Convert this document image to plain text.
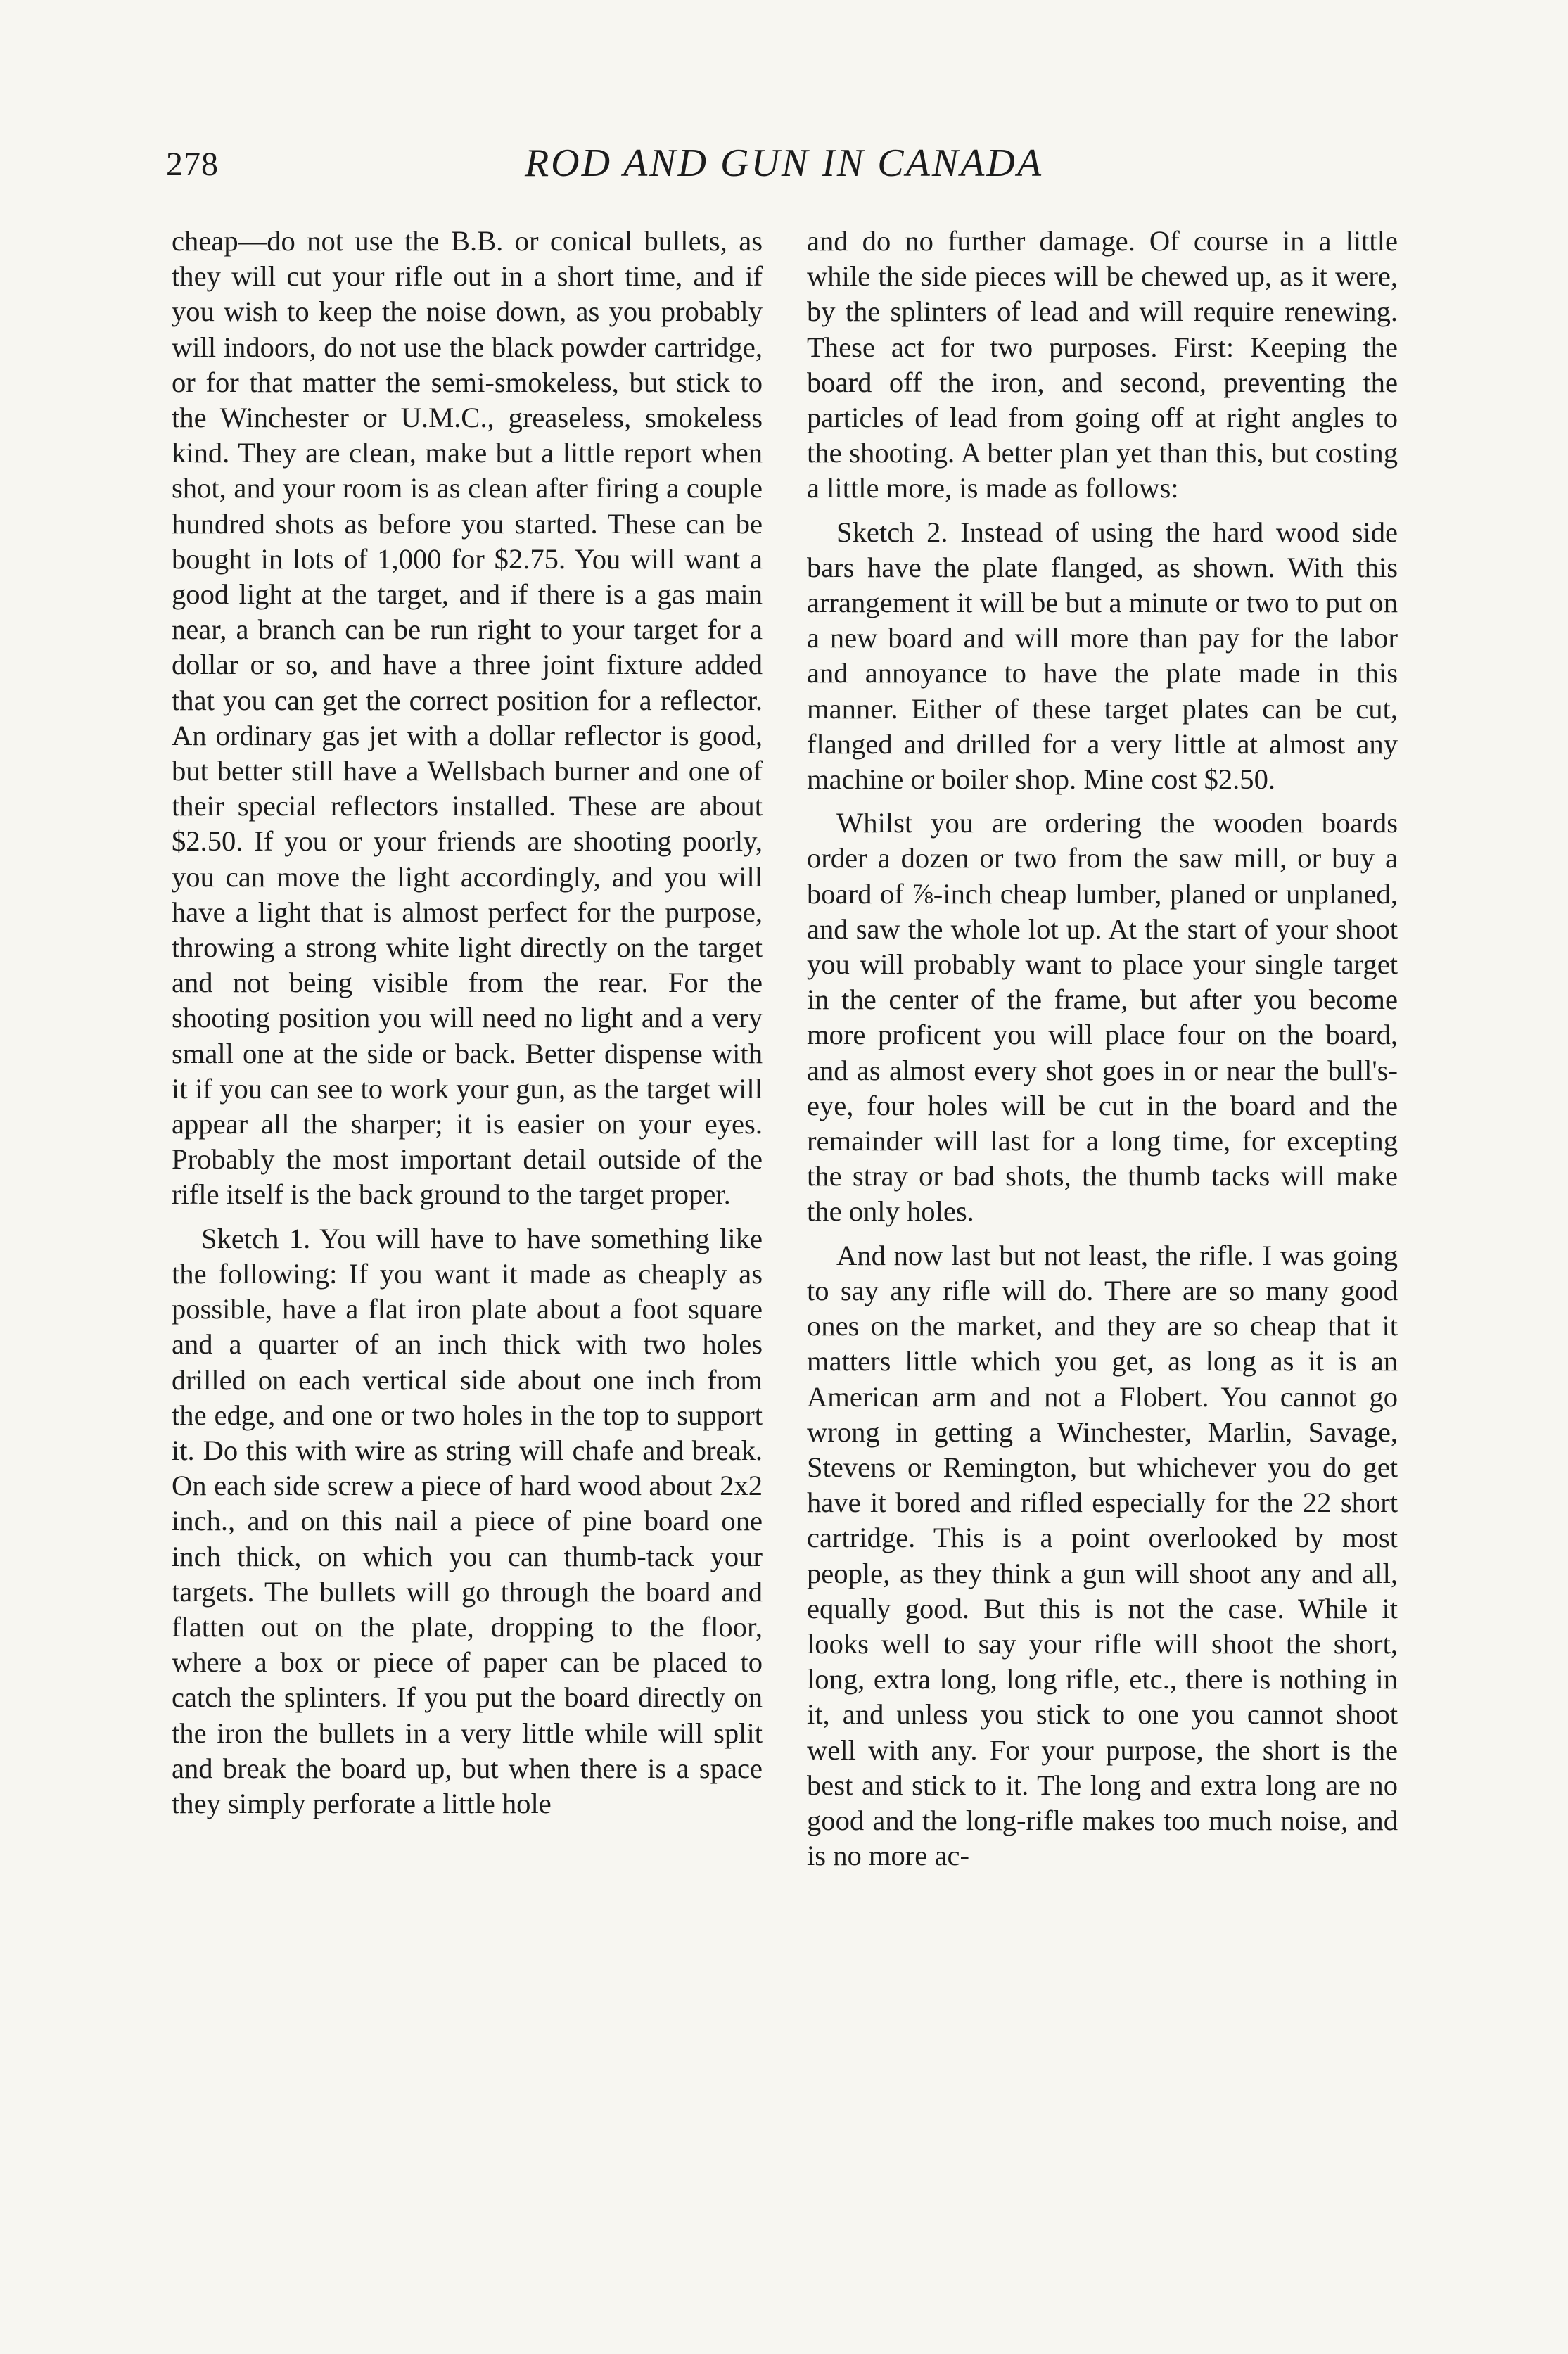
278	ROD AND GUN IN CANADA

cheap—do not use the B.B. or conical bullets, as they will cut your rifle out in a short time, and if you wish to keep the noise down, as you probably will indoors, do not use the black powder cartridge, or for that matter the semi-smokeless, but stick to the Winchester or U.M.C., greaseless, smokeless kind. They are clean, make but a little report when shot, and your room is as clean after firing a couple hundred shots as before you started. These can be bought in lots of 1,000 for $2.75. You will want a good light at the target, and if there is a gas main near, a branch can be run right to your target for a dollar or so, and have a three joint fixture added that you can get the correct position for a reflector. An ordinary gas jet with a dollar reflector is good, but better still have a Wellsbach burner and one of their special reflectors installed. These are about $2.50. If you or your friends are shooting poorly, you can move the light accordingly, and you will have a light that is almost perfect for the purpose, throwing a strong white light directly on the target and not being visible from the rear. For the shooting position you will need no light and a very small one at the side or back. Better dispense with it if you can see to work your gun, as the target will appear all the sharper; it is easier on your eyes. Probably the most important detail outside of the rifle itself is the back ground to the target proper.

Sketch 1. You will have to have something like the following: If you want it made as cheaply as possible, have a flat iron plate about a foot square and a quarter of an inch thick with two holes drilled on each vertical side about one inch from the edge, and one or two holes in the top to support it. Do this with wire as string will chafe and break. On each side screw a piece of hard wood about 2x2 inch., and on this nail a piece of pine board one inch thick, on which you can thumb-tack your targets. The bullets will go through the board and flatten out on the plate, dropping to the floor, where a box or piece of paper can be placed to catch the splinters. If you put the board directly on the iron the bullets in a very little while will split and break the board up, but when there is a space they simply perforate a little hole

and do no further damage. Of course in a little while the side pieces will be chewed up, as it were, by the splinters of lead and will require renewing. These act for two purposes. First: Keeping the board off the iron, and second, preventing the particles of lead from going off at right angles to the shooting. A better plan yet than this, but costing a little more, is made as follows:

Sketch 2. Instead of using the hard wood side bars have the plate flanged, as shown. With this arrangement it will be but a minute or two to put on a new board and will more than pay for the labor and annoyance to have the plate made in this manner. Either of these target plates can be cut, flanged and drilled for a very little at almost any machine or boiler shop. Mine cost $2.50.

Whilst you are ordering the wooden boards order a dozen or two from the saw mill, or buy a board of ⅞-inch cheap lumber, planed or unplaned, and saw the whole lot up. At the start of your shoot you will probably want to place your single target in the center of the frame, but after you become more proficent you will place four on the board, and as almost every shot goes in or near the bull's-eye, four holes will be cut in the board and the remainder will last for a long time, for excepting the stray or bad shots, the thumb tacks will make the only holes.

And now last but not least, the rifle. I was going to say any rifle will do. There are so many good ones on the market, and they are so cheap that it matters little which you get, as long as it is an American arm and not a Flobert. You cannot go wrong in getting a Winchester, Marlin, Savage, Stevens or Remington, but whichever you do get have it bored and rifled especially for the 22 short cartridge. This is a point overlooked by most people, as they think a gun will shoot any and all, equally good. But this is not the case. While it looks well to say your rifle will shoot the short, long, extra long, long rifle, etc., there is nothing in it, and unless you stick to one you cannot shoot well with any. For your purpose, the short is the best and stick to it. The long and extra long are no good and the long-rifle makes too much noise, and is no more ac-
